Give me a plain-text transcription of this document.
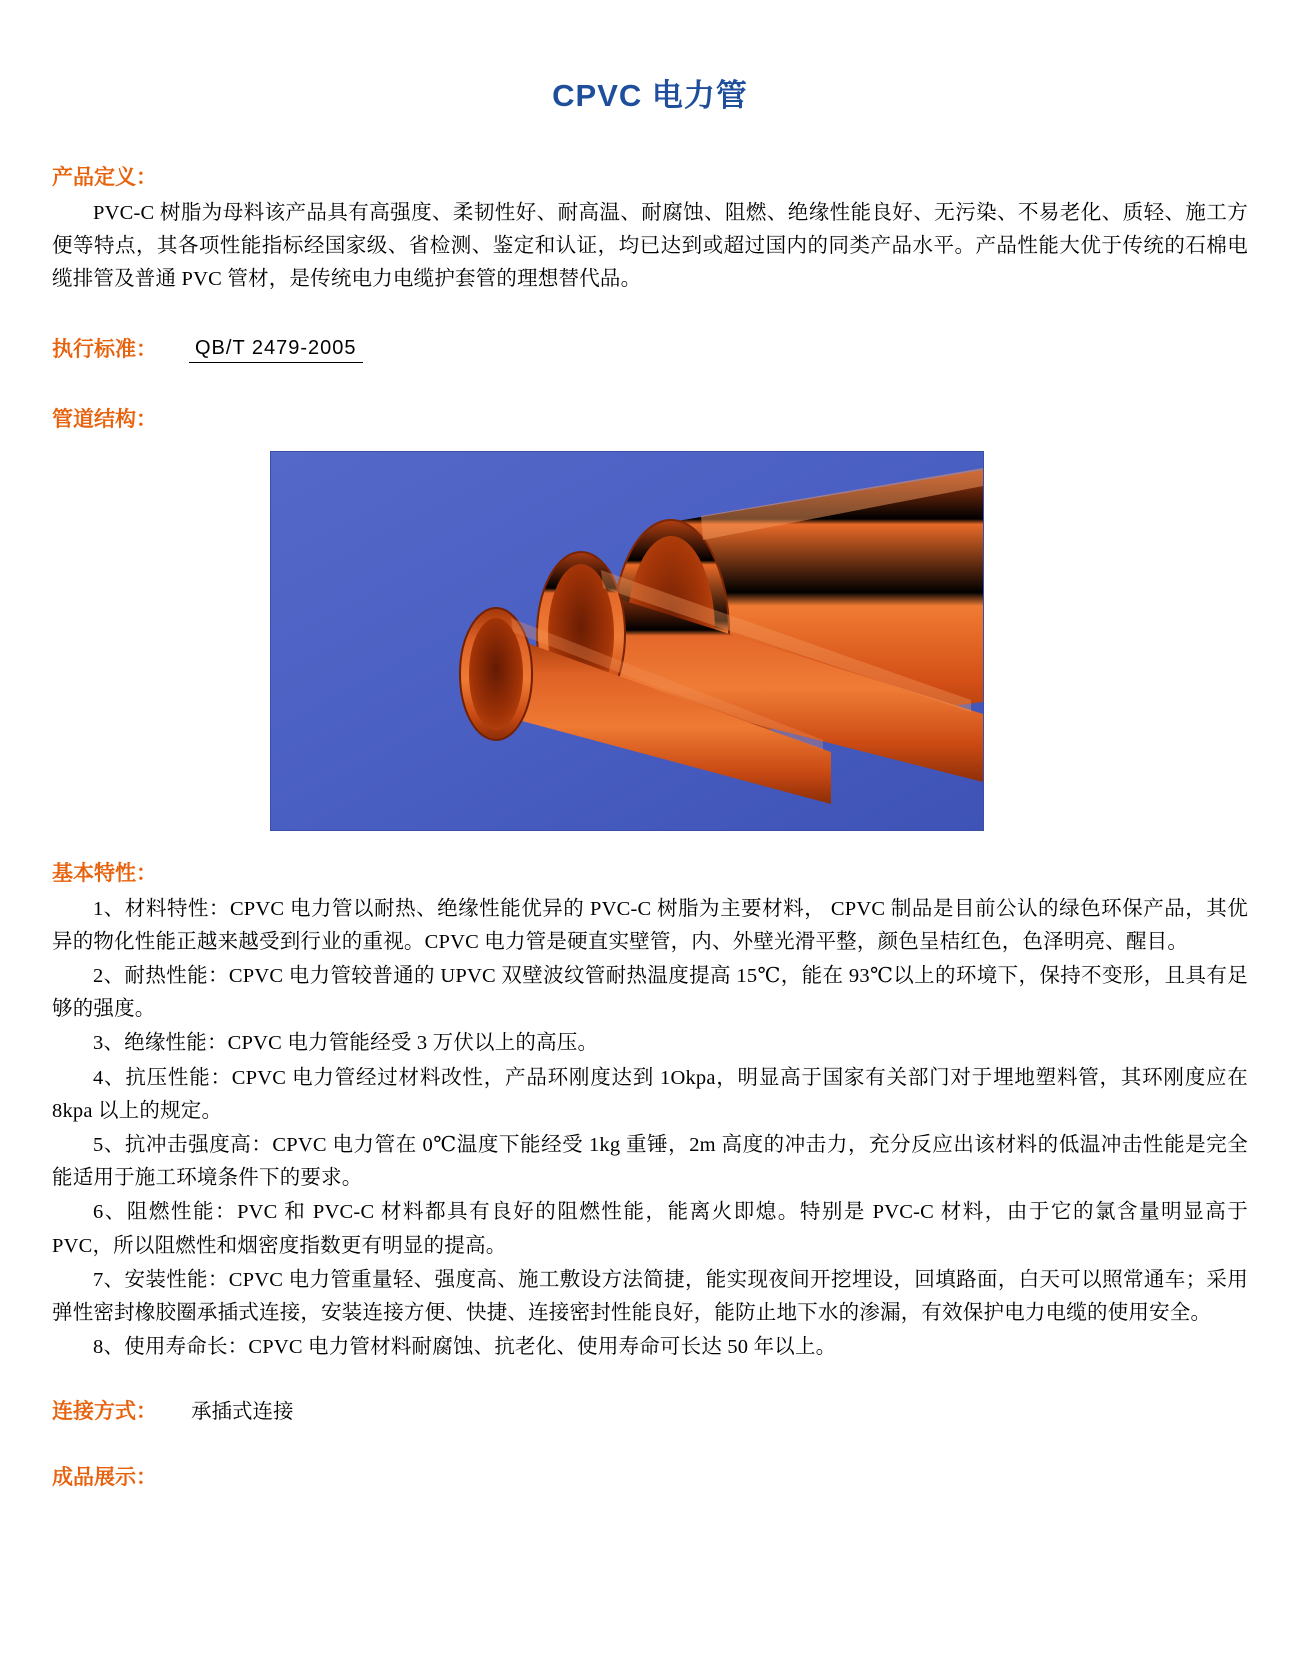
CPVC 电力管
产品定义：

PVC-C 树脂为母料该产品具有高强度、柔韧性好、耐高温、耐腐蚀、阻燃、绝缘性能良好、无污染、不易老化、质轻、施工方便等特点，其各项性能指标经国家级、省检测、鉴定和认证，均已达到或超过国内的同类产品水平。产品性能大优于传统的石棉电缆排管及普通 PVC 管材，是传统电力电缆护套管的理想替代品。

执行标准： QB/T 2479-2005
管道结构：
基本特性：

1、材料特性：CPVC 电力管以耐热、绝缘性能优异的 PVC-C 树脂为主要材料， CPVC 制品是目前公认的绿色环保产品，其优异的物化性能正越来越受到行业的重视。CPVC 电力管是硬直实壁管，内、外壁光滑平整，颜色呈桔红色，色泽明亮、醒目。

2、耐热性能：CPVC 电力管较普通的 UPVC 双壁波纹管耐热温度提高 15℃，能在 93℃以上的环境下，保持不变形，且具有足够的强度。

3、绝缘性能：CPVC 电力管能经受 3 万伏以上的高压。

4、抗压性能：CPVC 电力管经过材料改性，产品环刚度达到 1Okpa，明显高于国家有关部门对于埋地塑料管，其环刚度应在 8kpa 以上的规定。

5、抗冲击强度高：CPVC 电力管在 0℃温度下能经受 1kg 重锤，2m 高度的冲击力，充分反应出该材料的低温冲击性能是完全能适用于施工环境条件下的要求。

6、阻燃性能：PVC 和 PVC-C 材料都具有良好的阻燃性能，能离火即熄。特别是 PVC-C 材料，由于它的氯含量明显高于 PVC，所以阻燃性和烟密度指数更有明显的提高。

7、安装性能：CPVC 电力管重量轻、强度高、施工敷设方法简捷，能实现夜间开挖埋设，回填路面，白天可以照常通车；采用弹性密封橡胶圈承插式连接，安装连接方便、快捷、连接密封性能良好，能防止地下水的渗漏，有效保护电力电缆的使用安全。

8、使用寿命长：CPVC 电力管材料耐腐蚀、抗老化、使用寿命可长达 50 年以上。

连接方式： 承插式连接
成品展示：
